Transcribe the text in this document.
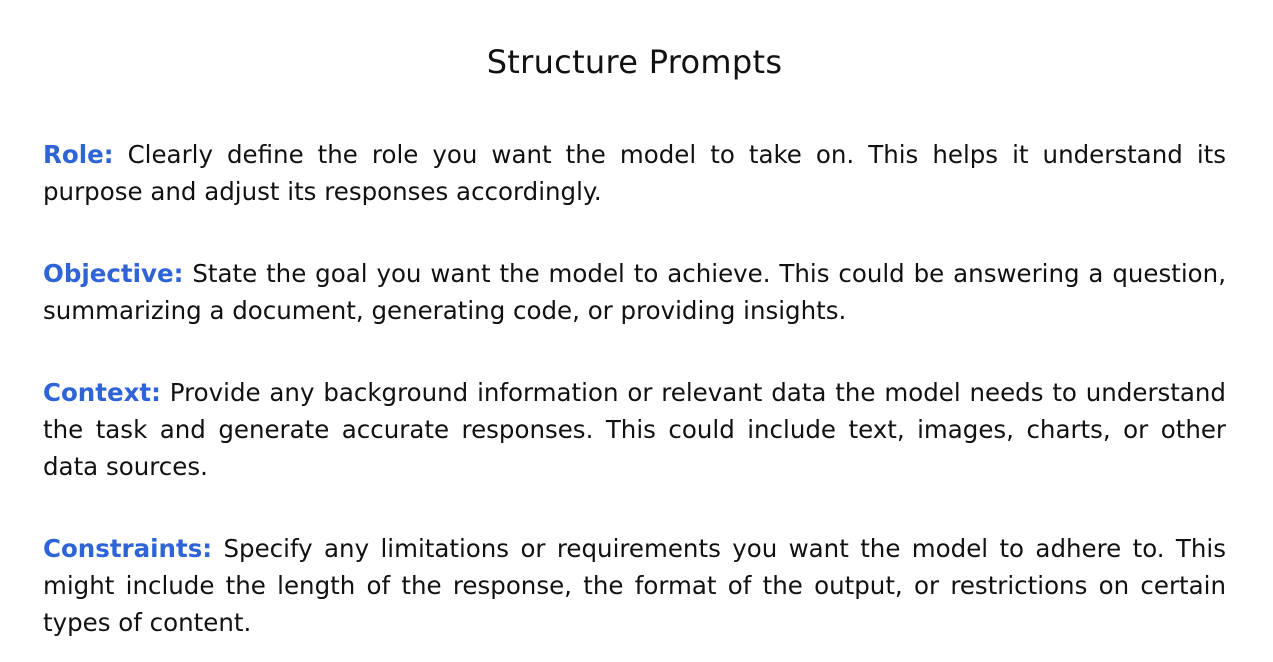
Structure Prompts

Role: Clearly define the role you want the model to take on. This helps it understand its purpose and adjust its responses accordingly.

Objective: State the goal you want the model to achieve. This could be answering a question, summarizing a document, generating code, or providing insights.

Context: Provide any background information or relevant data the model needs to understand the task and generate accurate responses. This could include text, images, charts, or other data sources.

Constraints: Specify any limitations or requirements you want the model to adhere to. This might include the length of the response, the format of the output, or restrictions on certain types of content.
